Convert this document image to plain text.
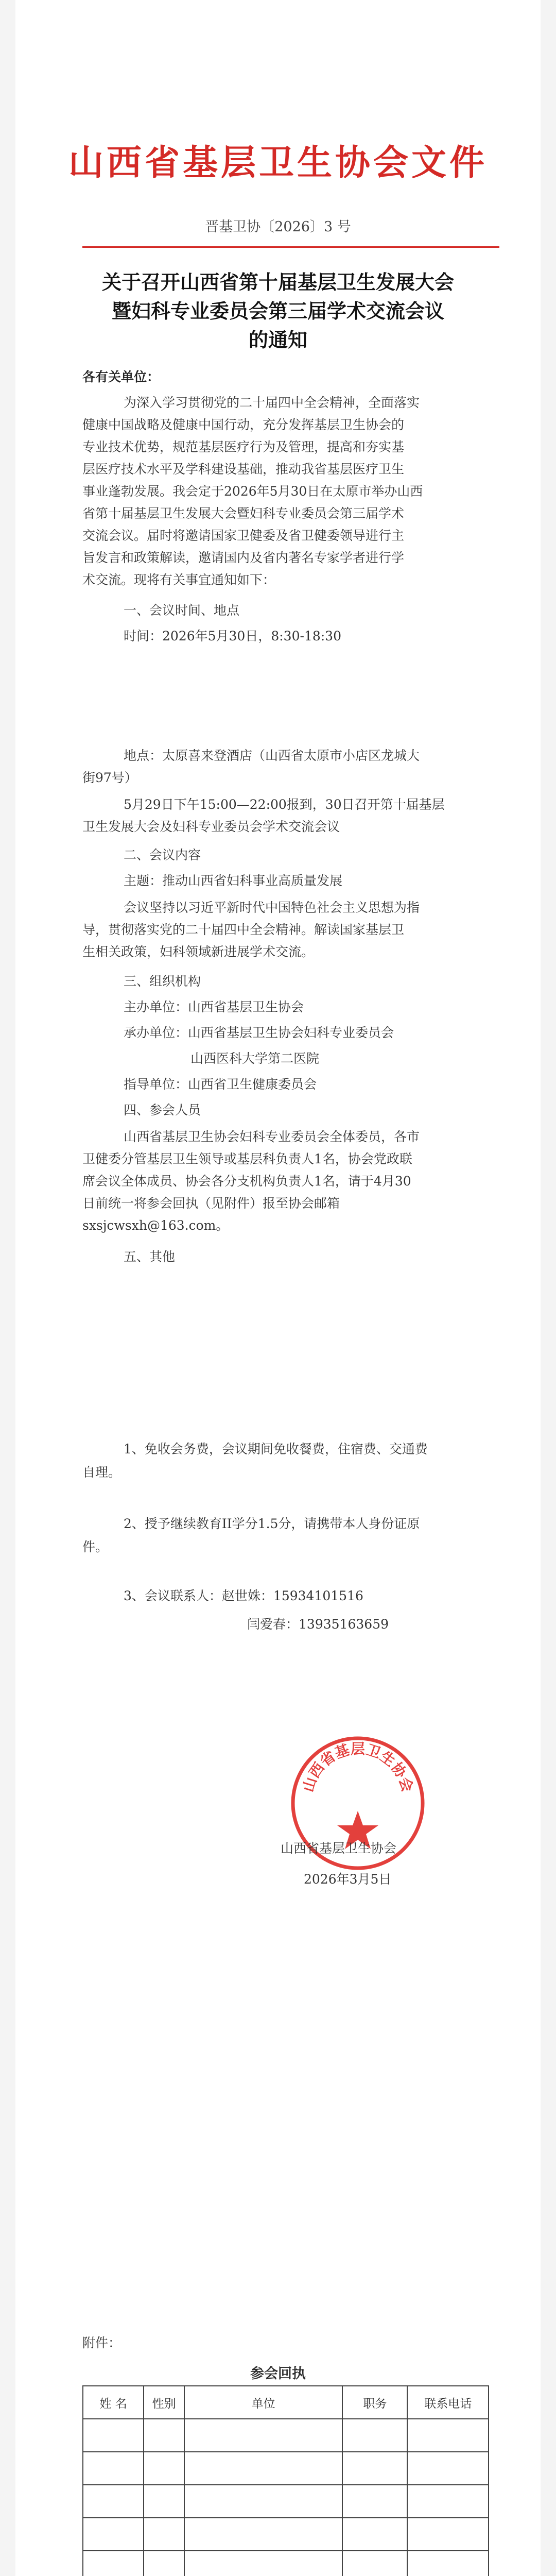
山西省基层卫生协会文件
晋基卫协〔2026〕3 号
关于召开山西省第十届基层卫生发展大会
暨妇科专业委员会第三届学术交流会议
的通知
各有关单位：
为深入学习贯彻党的二十届四中全会精神，全面落实
健康中国战略及健康中国行动，充分发挥基层卫生协会的
专业技术优势，规范基层医疗行为及管理，提高和夯实基
层医疗技术水平及学科建设基础，推动我省基层医疗卫生
事业蓬勃发展。我会定于2026年5月30日在太原市举办山西
省第十届基层卫生发展大会暨妇科专业委员会第三届学术
交流会议。届时将邀请国家卫健委及省卫健委领导进行主
旨发言和政策解读，邀请国内及省内著名专家学者进行学
术交流。现将有关事宜通知如下：
一、会议时间、地点
时间：2026年5月30日，8:30-18:30
地点：太原喜来登酒店（山西省太原市小店区龙城大
街97号）
5月29日下午15:00—22:00报到，30日召开第十届基层
卫生发展大会及妇科专业委员会学术交流会议
二、会议内容
主题：推动山西省妇科事业高质量发展
会议坚持以习近平新时代中国特色社会主义思想为指
导，贯彻落实党的二十届四中全会精神。解读国家基层卫
生相关政策，妇科领域新进展学术交流。
三、组织机构
主办单位：山西省基层卫生协会
承办单位：山西省基层卫生协会妇科专业委员会
山西医科大学第二医院
指导单位：山西省卫生健康委员会
四、参会人员
山西省基层卫生协会妇科专业委员会全体委员，各市
卫健委分管基层卫生领导或基层科负责人1名，协会党政联
席会议全体成员、协会各分支机构负责人1名，请于4月30
日前统一将参会回执（见附件）报至协会邮箱
sxsjcwsxh@163.com。
五、其他
1、免收会务费，会议期间免收餐费，住宿费、交通费
自理。
2、授予继续教育II学分1.5分，请携带本人身份证原
件。
3、会议联系人：赵世姝：15934101516
闫爱春：13935163659
山西省基层卫生协会
山西省基层卫生协会
2026年3月5日
附件：
参会回执
姓 名	性别	单位	职务	联系电话
